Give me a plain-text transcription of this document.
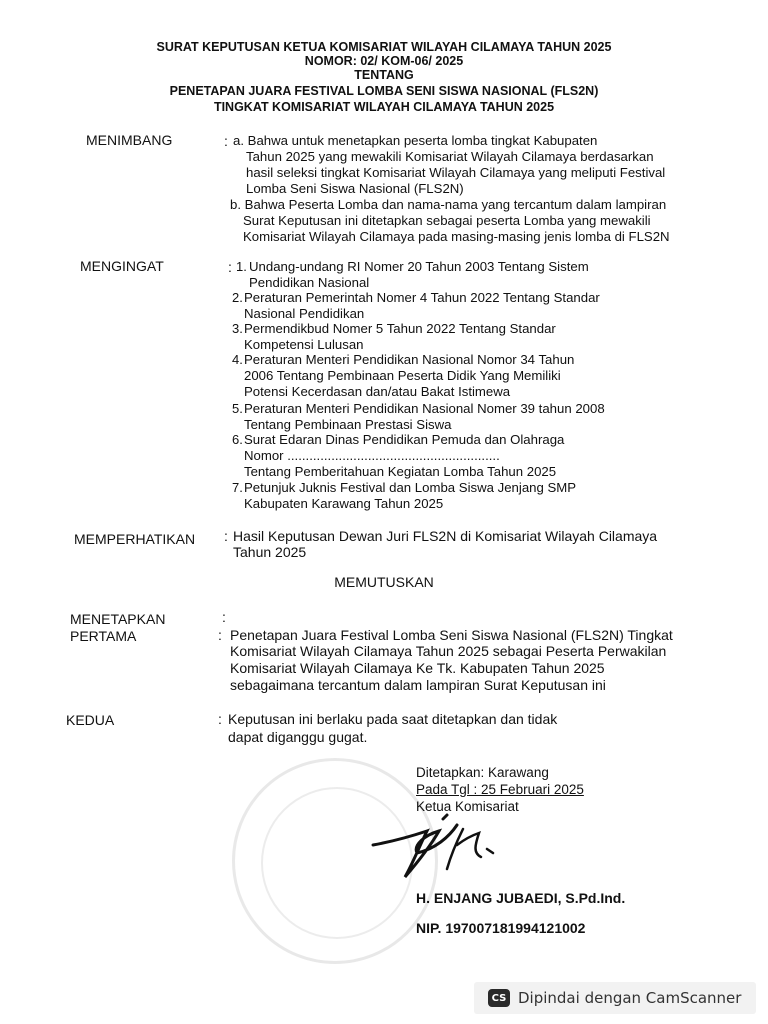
SURAT KEPUTUSAN KETUA KOMISARIAT WILAYAH CILAMAYA TAHUN 2025
NOMOR: 02/ KOM-06/ 2025
TENTANG
PENETAPAN JUARA FESTIVAL LOMBA SENI SISWA NASIONAL (FLS2N)
TINGKAT KOMISARIAT WILAYAH CILAMAYA TAHUN 2025
MENIMBANG	: a. Bahwa untuk menetapkan peserta lomba tingkat Kabupaten
Tahun 2025 yang mewakili Komisariat Wilayah Cilamaya berdasarkan
hasil seleksi tingkat Komisariat Wilayah Cilamaya yang meliputi Festival
Lomba Seni Siswa Nasional (FLS2N)
b. Bahwa Peserta Lomba dan nama-nama yang tercantum dalam lampiran
Surat Keputusan ini ditetapkan sebagai peserta Lomba yang mewakili
Komisariat Wilayah Cilamaya pada masing-masing jenis lomba di FLS2N
MENGINGAT	: 1. Undang-undang RI Nomer 20 Tahun 2003 Tentang Sistem
Pendidikan Nasional
2. Peraturan Pemerintah Nomer 4 Tahun 2022 Tentang Standar
Nasional Pendidikan
3. Permendikbud Nomer 5 Tahun 2022 Tentang Standar
Kompetensi Lulusan
4. Peraturan Menteri Pendidikan Nasional Nomor 34 Tahun
2006 Tentang Pembinaan Peserta Didik Yang Memiliki
Potensi Kecerdasan dan/atau Bakat Istimewa
5. Peraturan Menteri Pendidikan Nasional Nomer 39 tahun 2008
Tentang Pembinaan Prestasi Siswa
6. Surat Edaran Dinas Pendidikan Pemuda dan Olahraga
Nomor ..........................................................
Tentang Pemberitahuan Kegiatan Lomba Tahun 2025
7. Petunjuk Juknis Festival dan Lomba Siswa Jenjang SMP
Kabupaten Karawang Tahun 2025
MEMPERHATIKAN : Hasil Keputusan Dewan Juri FLS2N di Komisariat Wilayah Cilamaya
Tahun 2025
MEMUTUSKAN
MENETAPKAN	:
PERTAMA	: Penetapan Juara Festival Lomba Seni Siswa Nasional (FLS2N) Tingkat
Komisariat Wilayah Cilamaya Tahun 2025 sebagai Peserta Perwakilan
Komisariat Wilayah Cilamaya Ke Tk. Kabupaten Tahun 2025
sebagaimana tercantum dalam lampiran Surat Keputusan ini
KEDUA	: Keputusan ini berlaku pada saat ditetapkan dan tidak
dapat diganggu gugat.
Ditetapkan: Karawang
Pada Tgl : 25 Februari 2025
Ketua Komisariat
H. ENJANG JUBAEDI, S.Pd.Ind.
NIP. 197007181994121002
CS Dipindai dengan CamScanner
